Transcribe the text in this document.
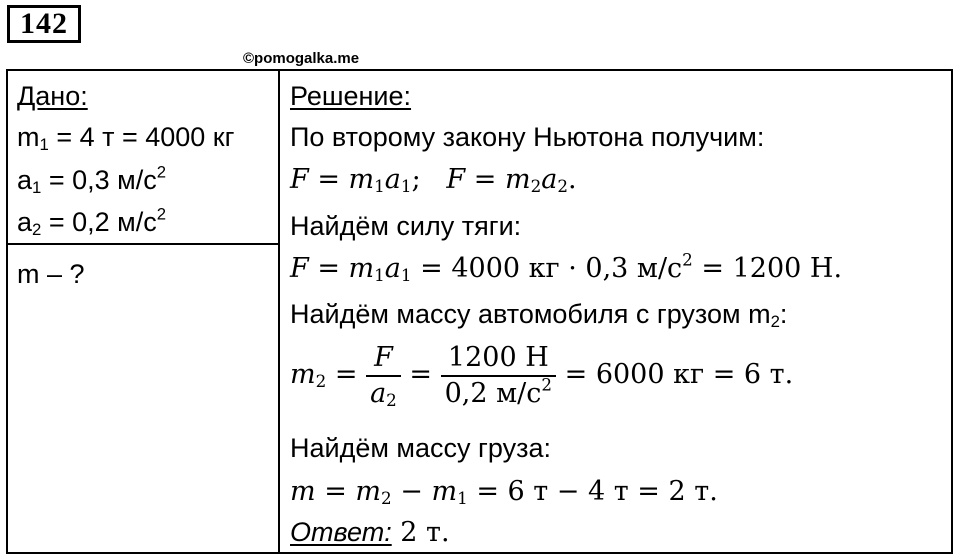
142
©pomogalka.me
Дано:
$m_1 = 4$ т = 4000 кг
$a_1 = 0,3$ $м/с^2$
$a_2 = 0,2$ $м/с^2$
m – ?
Решение:
По второму закону Ньютона получим:
$F = m_1a_1$;   $F = m_2a_2$.
Найдём силу тяги:
$F = m_1a_1 = 4000$ кг · 0,3 $м/с^2 = 1200$ Н.
Найдём массу автомобиля с грузом $m_2$:
$m_2 = \frac{F}{a_2} = \frac{1200 Н}{0,2 м/с^2} = 6000$ кг = 6 т.
Найдём массу груза:
$m = m_2 - m_1 = 6$ т − 4 т = 2 т.
Ответ: 2 т.
